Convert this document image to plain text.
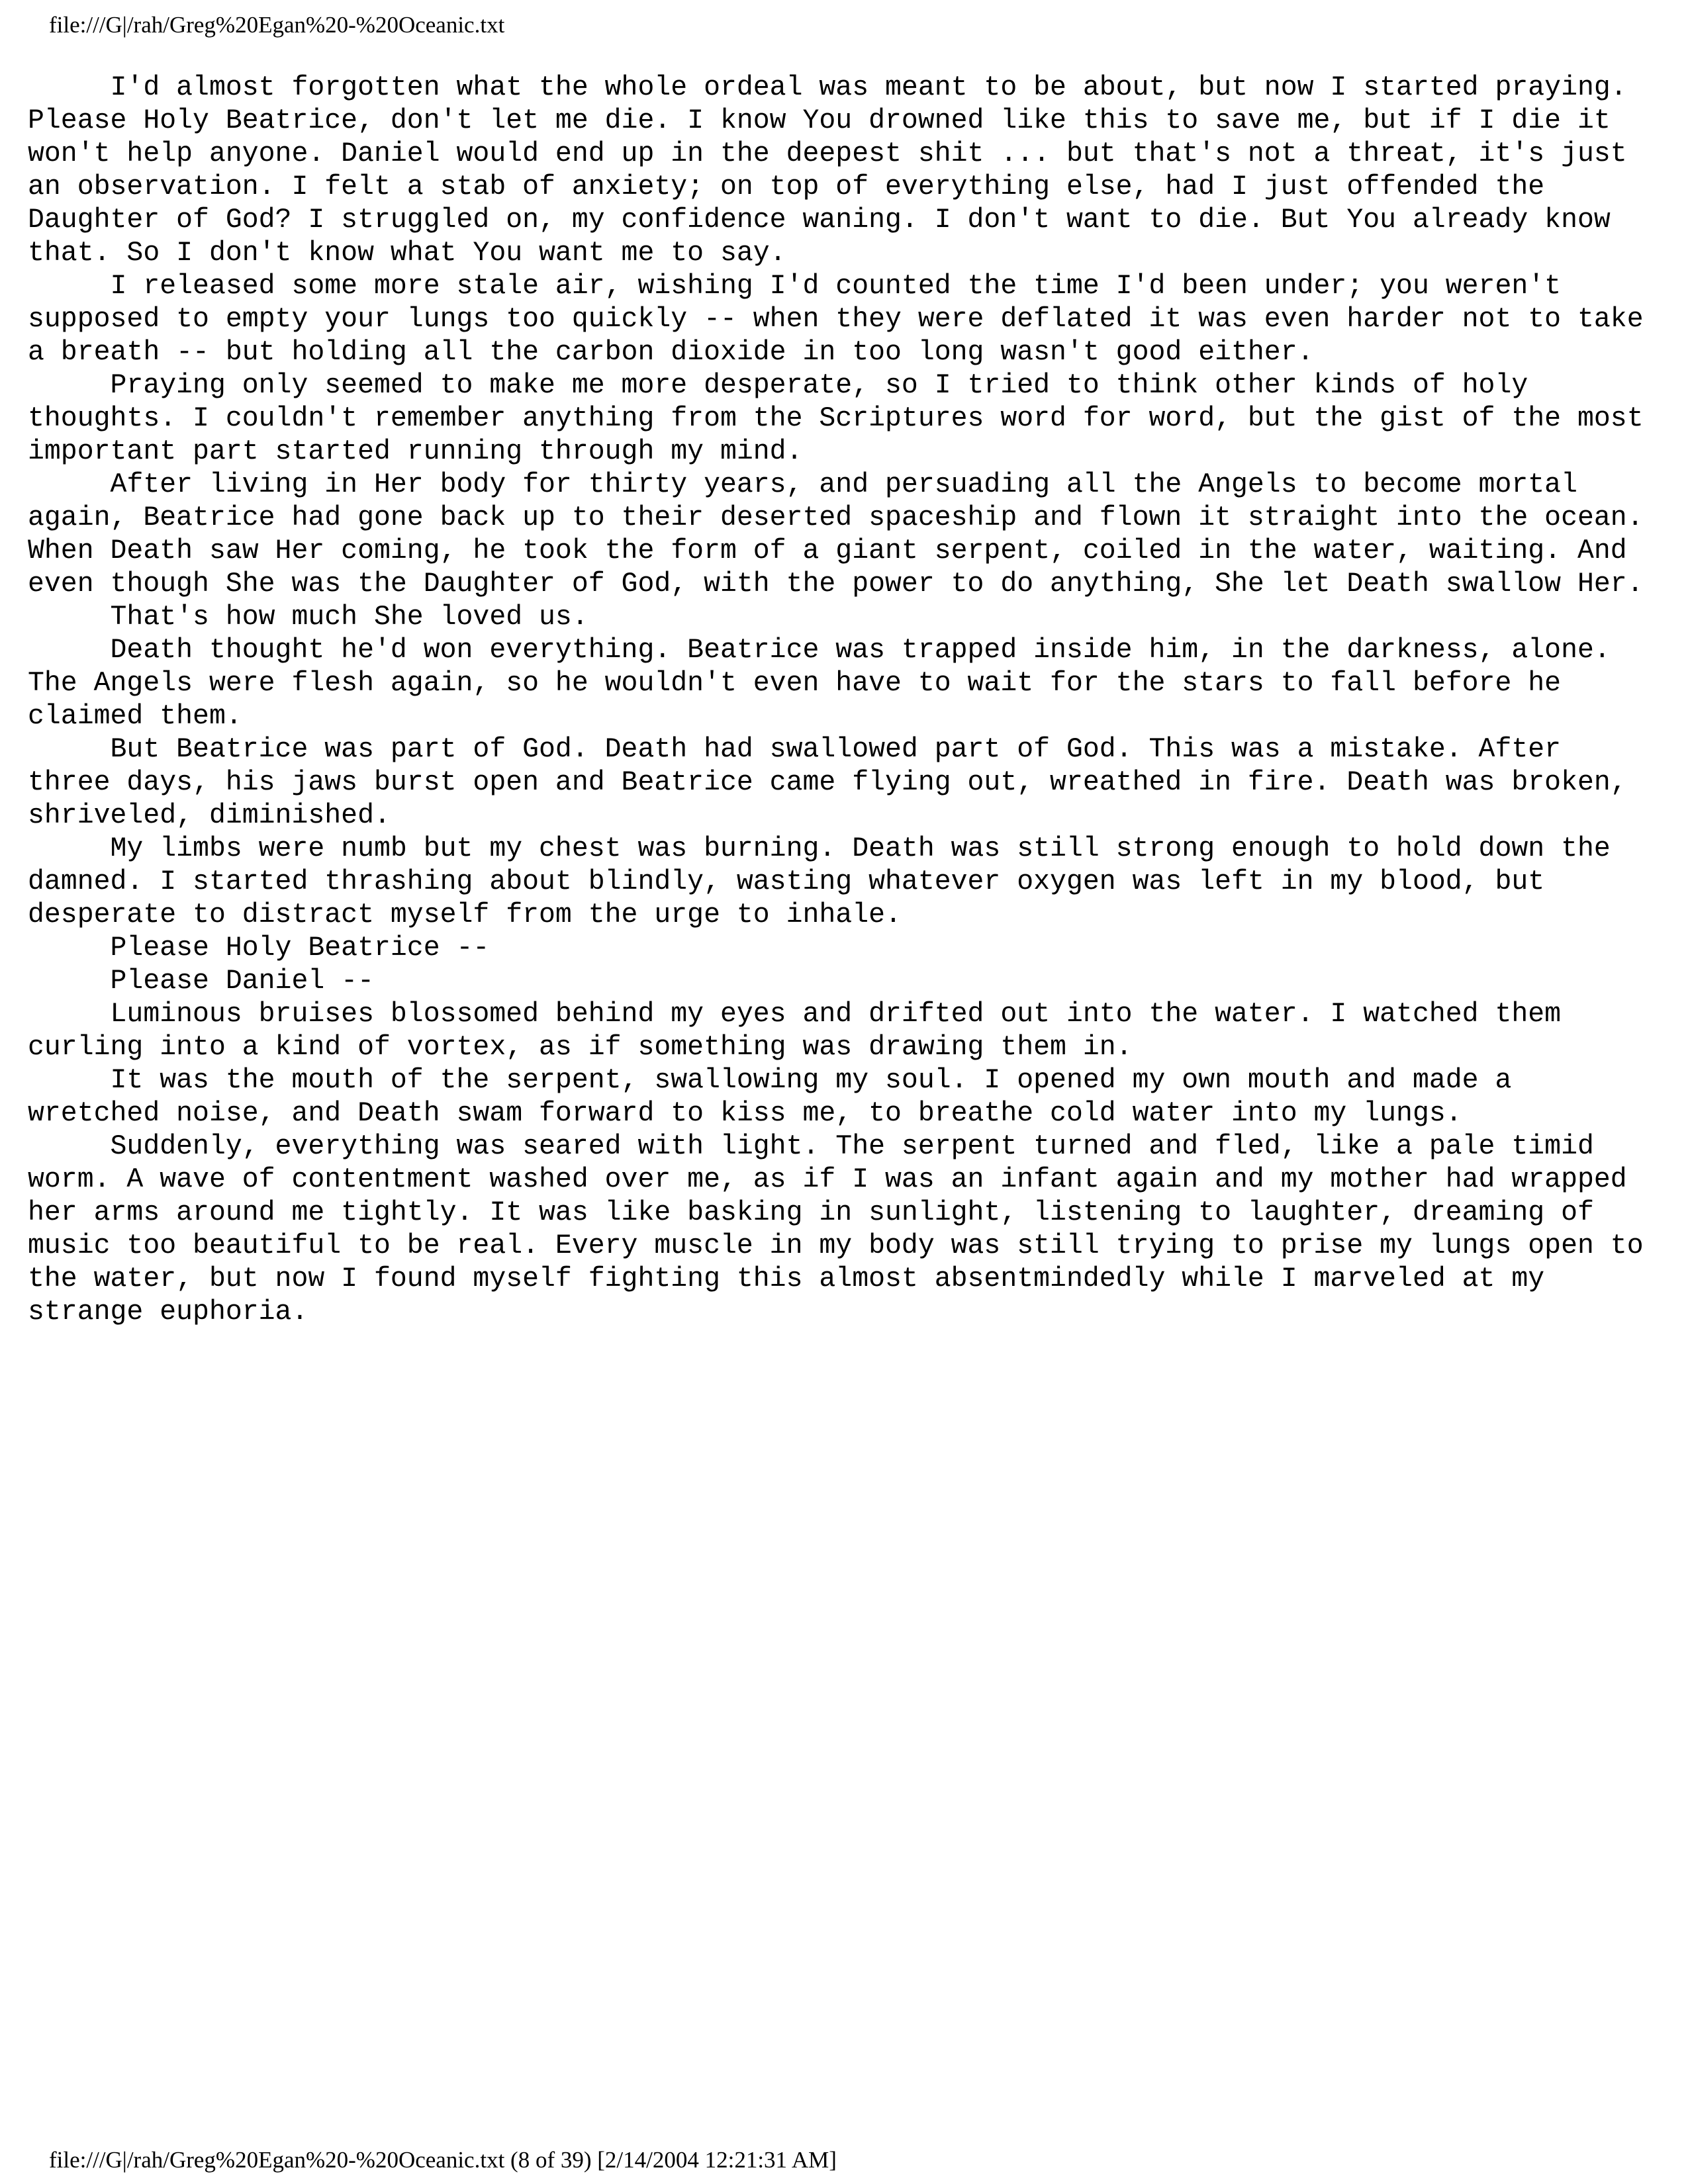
file:///G|/rah/Greg%20Egan%20-%20Oceanic.txt
I'd almost forgotten what the whole ordeal was meant to be about, but now I started praying.
Please Holy Beatrice, don't let me die. I know You drowned like this to save me, but if I die it
won't help anyone. Daniel would end up in the deepest shit ... but that's not a threat, it's just
an observation. I felt a stab of anxiety; on top of everything else, had I just offended the
Daughter of God? I struggled on, my confidence waning. I don't want to die. But You already know
that. So I don't know what You want me to say.
I released some more stale air, wishing I'd counted the time I'd been under; you weren't
supposed to empty your lungs too quickly -- when they were deflated it was even harder not to take
a breath -- but holding all the carbon dioxide in too long wasn't good either.
Praying only seemed to make me more desperate, so I tried to think other kinds of holy
thoughts. I couldn't remember anything from the Scriptures word for word, but the gist of the most
important part started running through my mind.
After living in Her body for thirty years, and persuading all the Angels to become mortal
again, Beatrice had gone back up to their deserted spaceship and flown it straight into the ocean.
When Death saw Her coming, he took the form of a giant serpent, coiled in the water, waiting. And
even though She was the Daughter of God, with the power to do anything, She let Death swallow Her.
That's how much She loved us.
Death thought he'd won everything. Beatrice was trapped inside him, in the darkness, alone.
The Angels were flesh again, so he wouldn't even have to wait for the stars to fall before he
claimed them.
But Beatrice was part of God. Death had swallowed part of God. This was a mistake. After
three days, his jaws burst open and Beatrice came flying out, wreathed in fire. Death was broken,
shriveled, diminished.
My limbs were numb but my chest was burning. Death was still strong enough to hold down the
damned. I started thrashing about blindly, wasting whatever oxygen was left in my blood, but
desperate to distract myself from the urge to inhale.
Please Holy Beatrice --
Please Daniel --
Luminous bruises blossomed behind my eyes and drifted out into the water. I watched them
curling into a kind of vortex, as if something was drawing them in.
It was the mouth of the serpent, swallowing my soul. I opened my own mouth and made a
wretched noise, and Death swam forward to kiss me, to breathe cold water into my lungs.
Suddenly, everything was seared with light. The serpent turned and fled, like a pale timid
worm. A wave of contentment washed over me, as if I was an infant again and my mother had wrapped
her arms around me tightly. It was like basking in sunlight, listening to laughter, dreaming of
music too beautiful to be real. Every muscle in my body was still trying to prise my lungs open to
the water, but now I found myself fighting this almost absentmindedly while I marveled at my
strange euphoria.
file:///G|/rah/Greg%20Egan%20-%20Oceanic.txt (8 of 39) [2/14/2004 12:21:31 AM]
